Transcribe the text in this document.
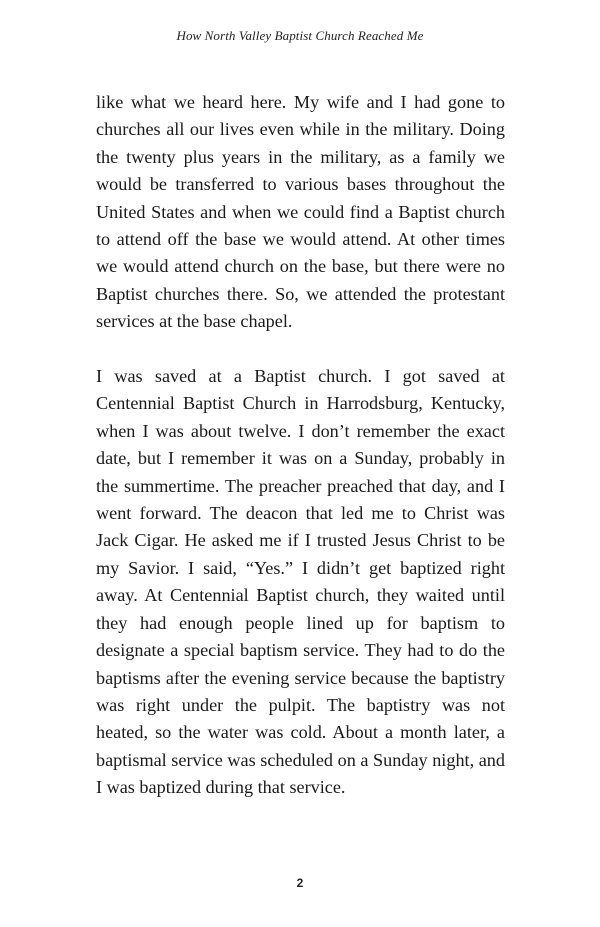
How North Valley Baptist Church Reached Me

like what we heard here. My wife and I had gone to churches all our lives even while in the military. Doing the twenty plus years in the military, as a family we would be transferred to various bases throughout the United States and when we could find a Baptist church to attend off the base we would attend. At other times we would attend church on the base, but there were no Baptist churches there. So, we attended the protestant services at the base chapel.

I was saved at a Baptist church. I got saved at Centennial Baptist Church in Harrodsburg, Kentucky, when I was about twelve. I don’t remember the exact date, but I remember it was on a Sunday, probably in the summertime. The preacher preached that day, and I went forward. The deacon that led me to Christ was Jack Cigar. He asked me if I trusted Jesus Christ to be my Savior. I said, “Yes.” I didn’t get baptized right away. At Centennial Baptist church, they waited until they had enough people lined up for baptism to designate a special baptism service. They had to do the baptisms after the evening service because the baptistry was right under the pulpit. The baptistry was not heated, so the water was cold. About a month later, a baptismal service was scheduled on a Sunday night, and I was baptized during that service.

2
